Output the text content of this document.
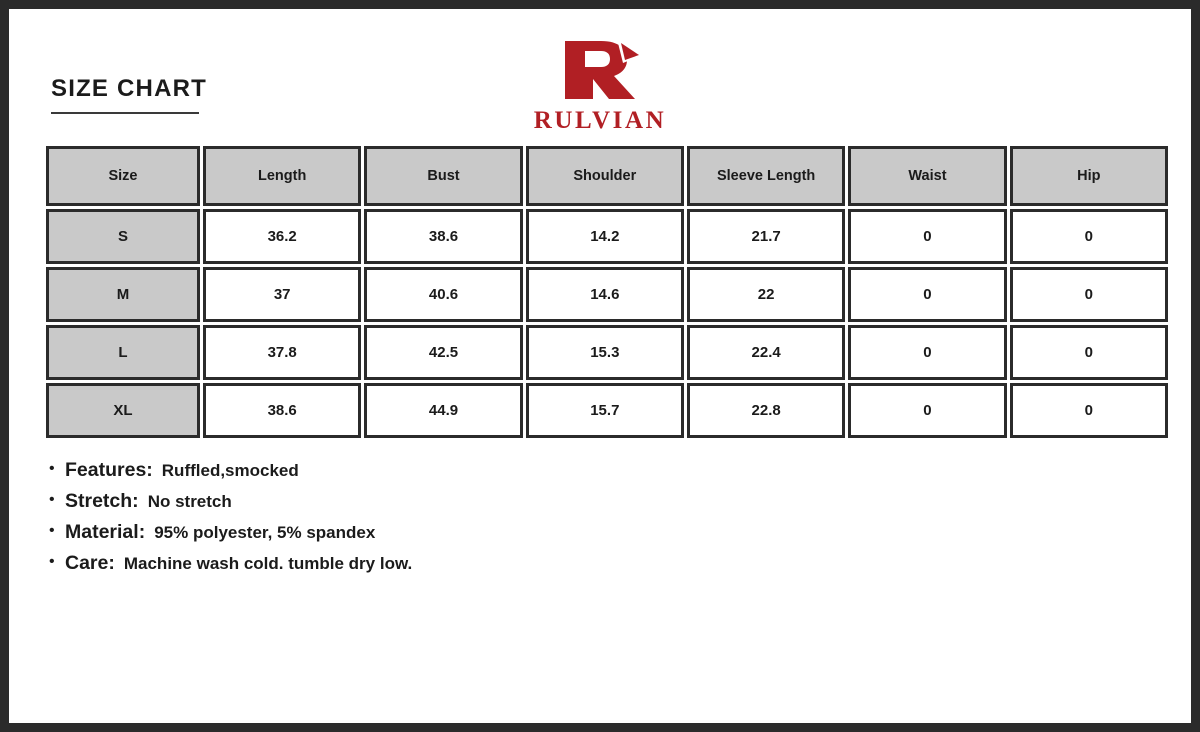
SIZE CHART
RULVIAN
Size	Length	Bust	Shoulder	Sleeve Length	Waist	Hip
S	36.2	38.6	14.2	21.7	0	0
M	37	40.6	14.6	22	0	0
L	37.8	42.5	15.3	22.4	0	0
XL	38.6	44.9	15.7	22.8	0	0
• Features: Ruffled,smocked
• Stretch: No stretch
• Material: 95% polyester, 5% spandex
• Care: Machine wash cold. tumble dry low.
